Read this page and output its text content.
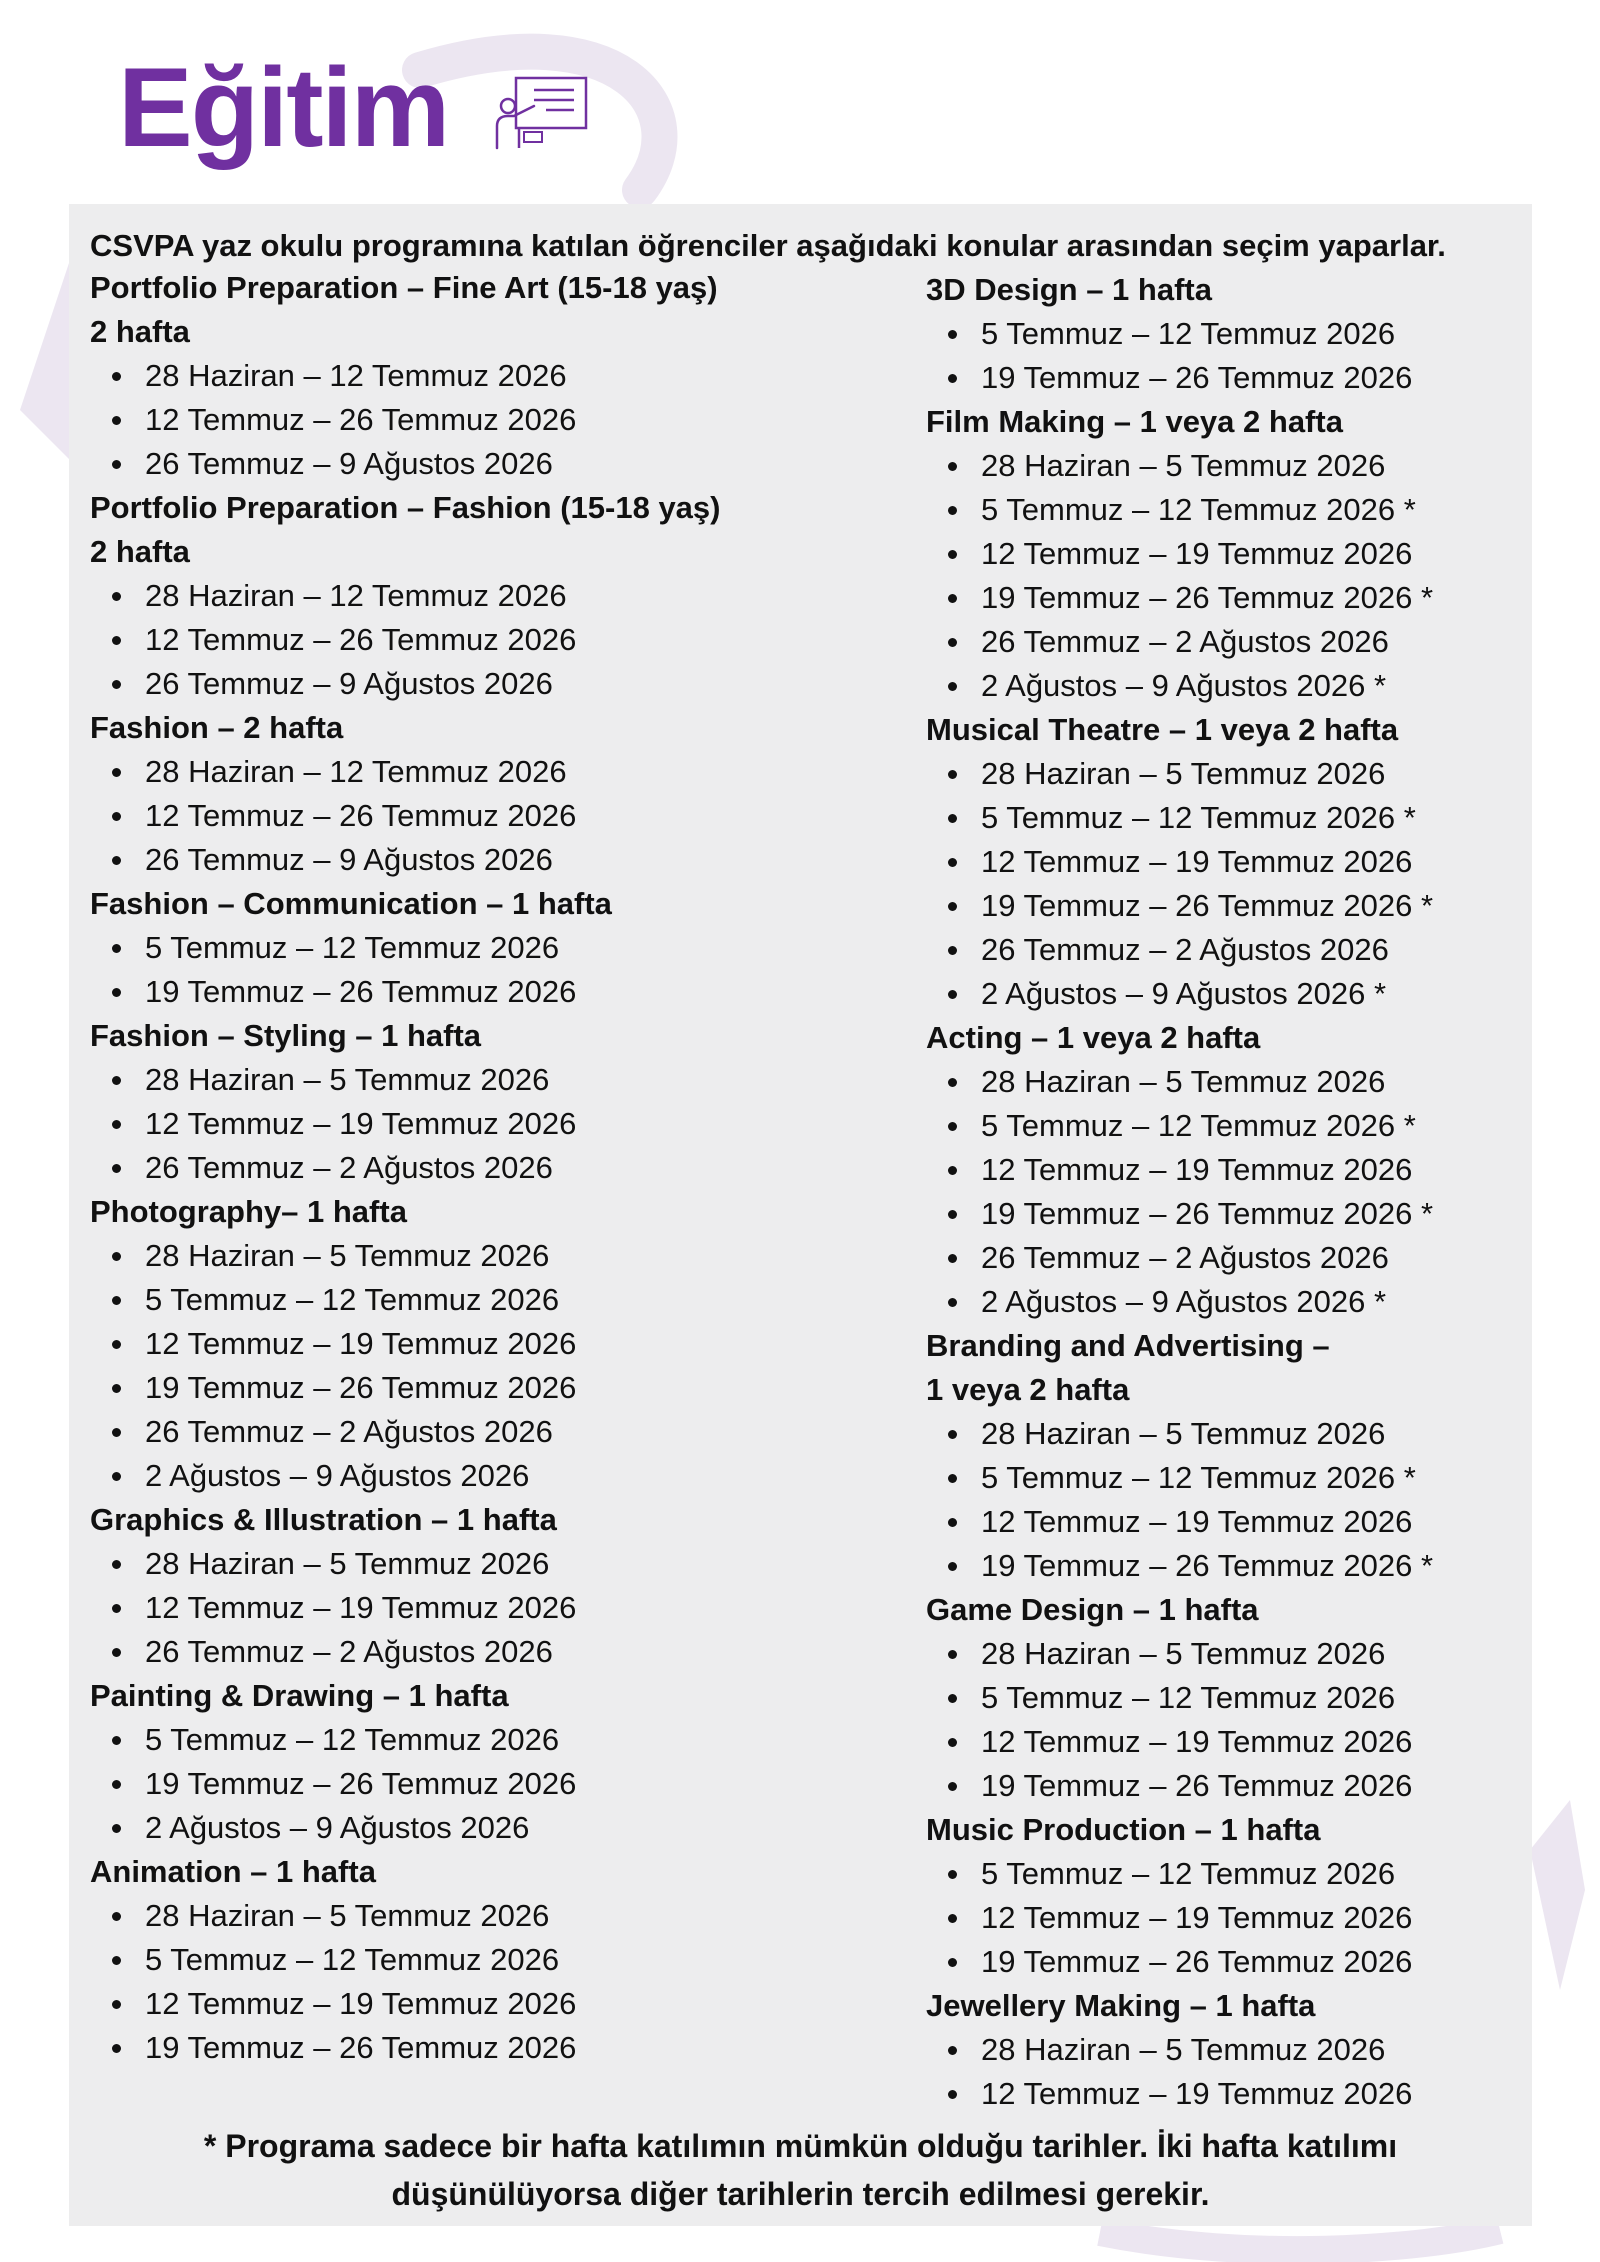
Eğitim
CSVPA yaz okulu programına katılan öğrenciler aşağıdaki konular arasından seçim yaparlar.
Portfolio Preparation – Fine Art (15-18 yaş)
2 hafta
28 Haziran – 12 Temmuz 2026
12 Temmuz – 26 Temmuz 2026
26 Temmuz – 9 Ağustos 2026
Portfolio Preparation – Fashion (15-18 yaş)
2 hafta
28 Haziran – 12 Temmuz 2026
12 Temmuz – 26 Temmuz 2026
26 Temmuz – 9 Ağustos 2026
Fashion – 2 hafta
28 Haziran – 12 Temmuz 2026
12 Temmuz – 26 Temmuz 2026
26 Temmuz – 9 Ağustos 2026
Fashion – Communication – 1 hafta
5 Temmuz – 12 Temmuz 2026
19 Temmuz – 26 Temmuz 2026
Fashion – Styling – 1 hafta
28 Haziran – 5 Temmuz 2026
12 Temmuz – 19 Temmuz 2026
26 Temmuz – 2 Ağustos 2026
Photography– 1 hafta
28 Haziran – 5 Temmuz 2026
5 Temmuz – 12 Temmuz 2026
12 Temmuz – 19 Temmuz 2026
19 Temmuz – 26 Temmuz 2026
26 Temmuz – 2 Ağustos 2026
2 Ağustos – 9 Ağustos 2026
Graphics & Illustration – 1 hafta
28 Haziran – 5 Temmuz 2026
12 Temmuz – 19 Temmuz 2026
26 Temmuz – 2 Ağustos 2026
Painting & Drawing – 1 hafta
5 Temmuz – 12 Temmuz 2026
19 Temmuz – 26 Temmuz 2026
2 Ağustos – 9 Ağustos 2026
Animation – 1 hafta
28 Haziran – 5 Temmuz 2026
5 Temmuz – 12 Temmuz 2026
12 Temmuz – 19 Temmuz 2026
19 Temmuz – 26 Temmuz 2026
3D Design – 1 hafta
5 Temmuz – 12 Temmuz 2026
19 Temmuz – 26 Temmuz 2026
Film Making – 1 veya 2 hafta
28 Haziran – 5 Temmuz 2026
5 Temmuz – 12 Temmuz 2026 *
12 Temmuz – 19 Temmuz 2026
19 Temmuz – 26 Temmuz 2026 *
26 Temmuz – 2 Ağustos 2026
2 Ağustos – 9 Ağustos 2026 *
Musical Theatre – 1 veya 2 hafta
28 Haziran – 5 Temmuz 2026
5 Temmuz – 12 Temmuz 2026 *
12 Temmuz – 19 Temmuz 2026
19 Temmuz – 26 Temmuz 2026 *
26 Temmuz – 2 Ağustos 2026
2 Ağustos – 9 Ağustos 2026 *
Acting – 1 veya 2 hafta
28 Haziran – 5 Temmuz 2026
5 Temmuz – 12 Temmuz 2026 *
12 Temmuz – 19 Temmuz 2026
19 Temmuz – 26 Temmuz 2026 *
26 Temmuz – 2 Ağustos 2026
2 Ağustos – 9 Ağustos 2026 *
Branding and Advertising –
1 veya 2 hafta
28 Haziran – 5 Temmuz 2026
5 Temmuz – 12 Temmuz 2026 *
12 Temmuz – 19 Temmuz 2026
19 Temmuz – 26 Temmuz 2026 *
Game Design – 1 hafta
28 Haziran – 5 Temmuz 2026
5 Temmuz – 12 Temmuz 2026
12 Temmuz – 19 Temmuz 2026
19 Temmuz – 26 Temmuz 2026
Music Production – 1 hafta
5 Temmuz – 12 Temmuz 2026
12 Temmuz – 19 Temmuz 2026
19 Temmuz – 26 Temmuz 2026
Jewellery Making – 1 hafta
28 Haziran – 5 Temmuz 2026
12 Temmuz – 19 Temmuz 2026
* Programa sadece bir hafta katılımın mümkün olduğu tarihler. İki hafta katılımı
düşünülüyorsa diğer tarihlerin tercih edilmesi gerekir.
